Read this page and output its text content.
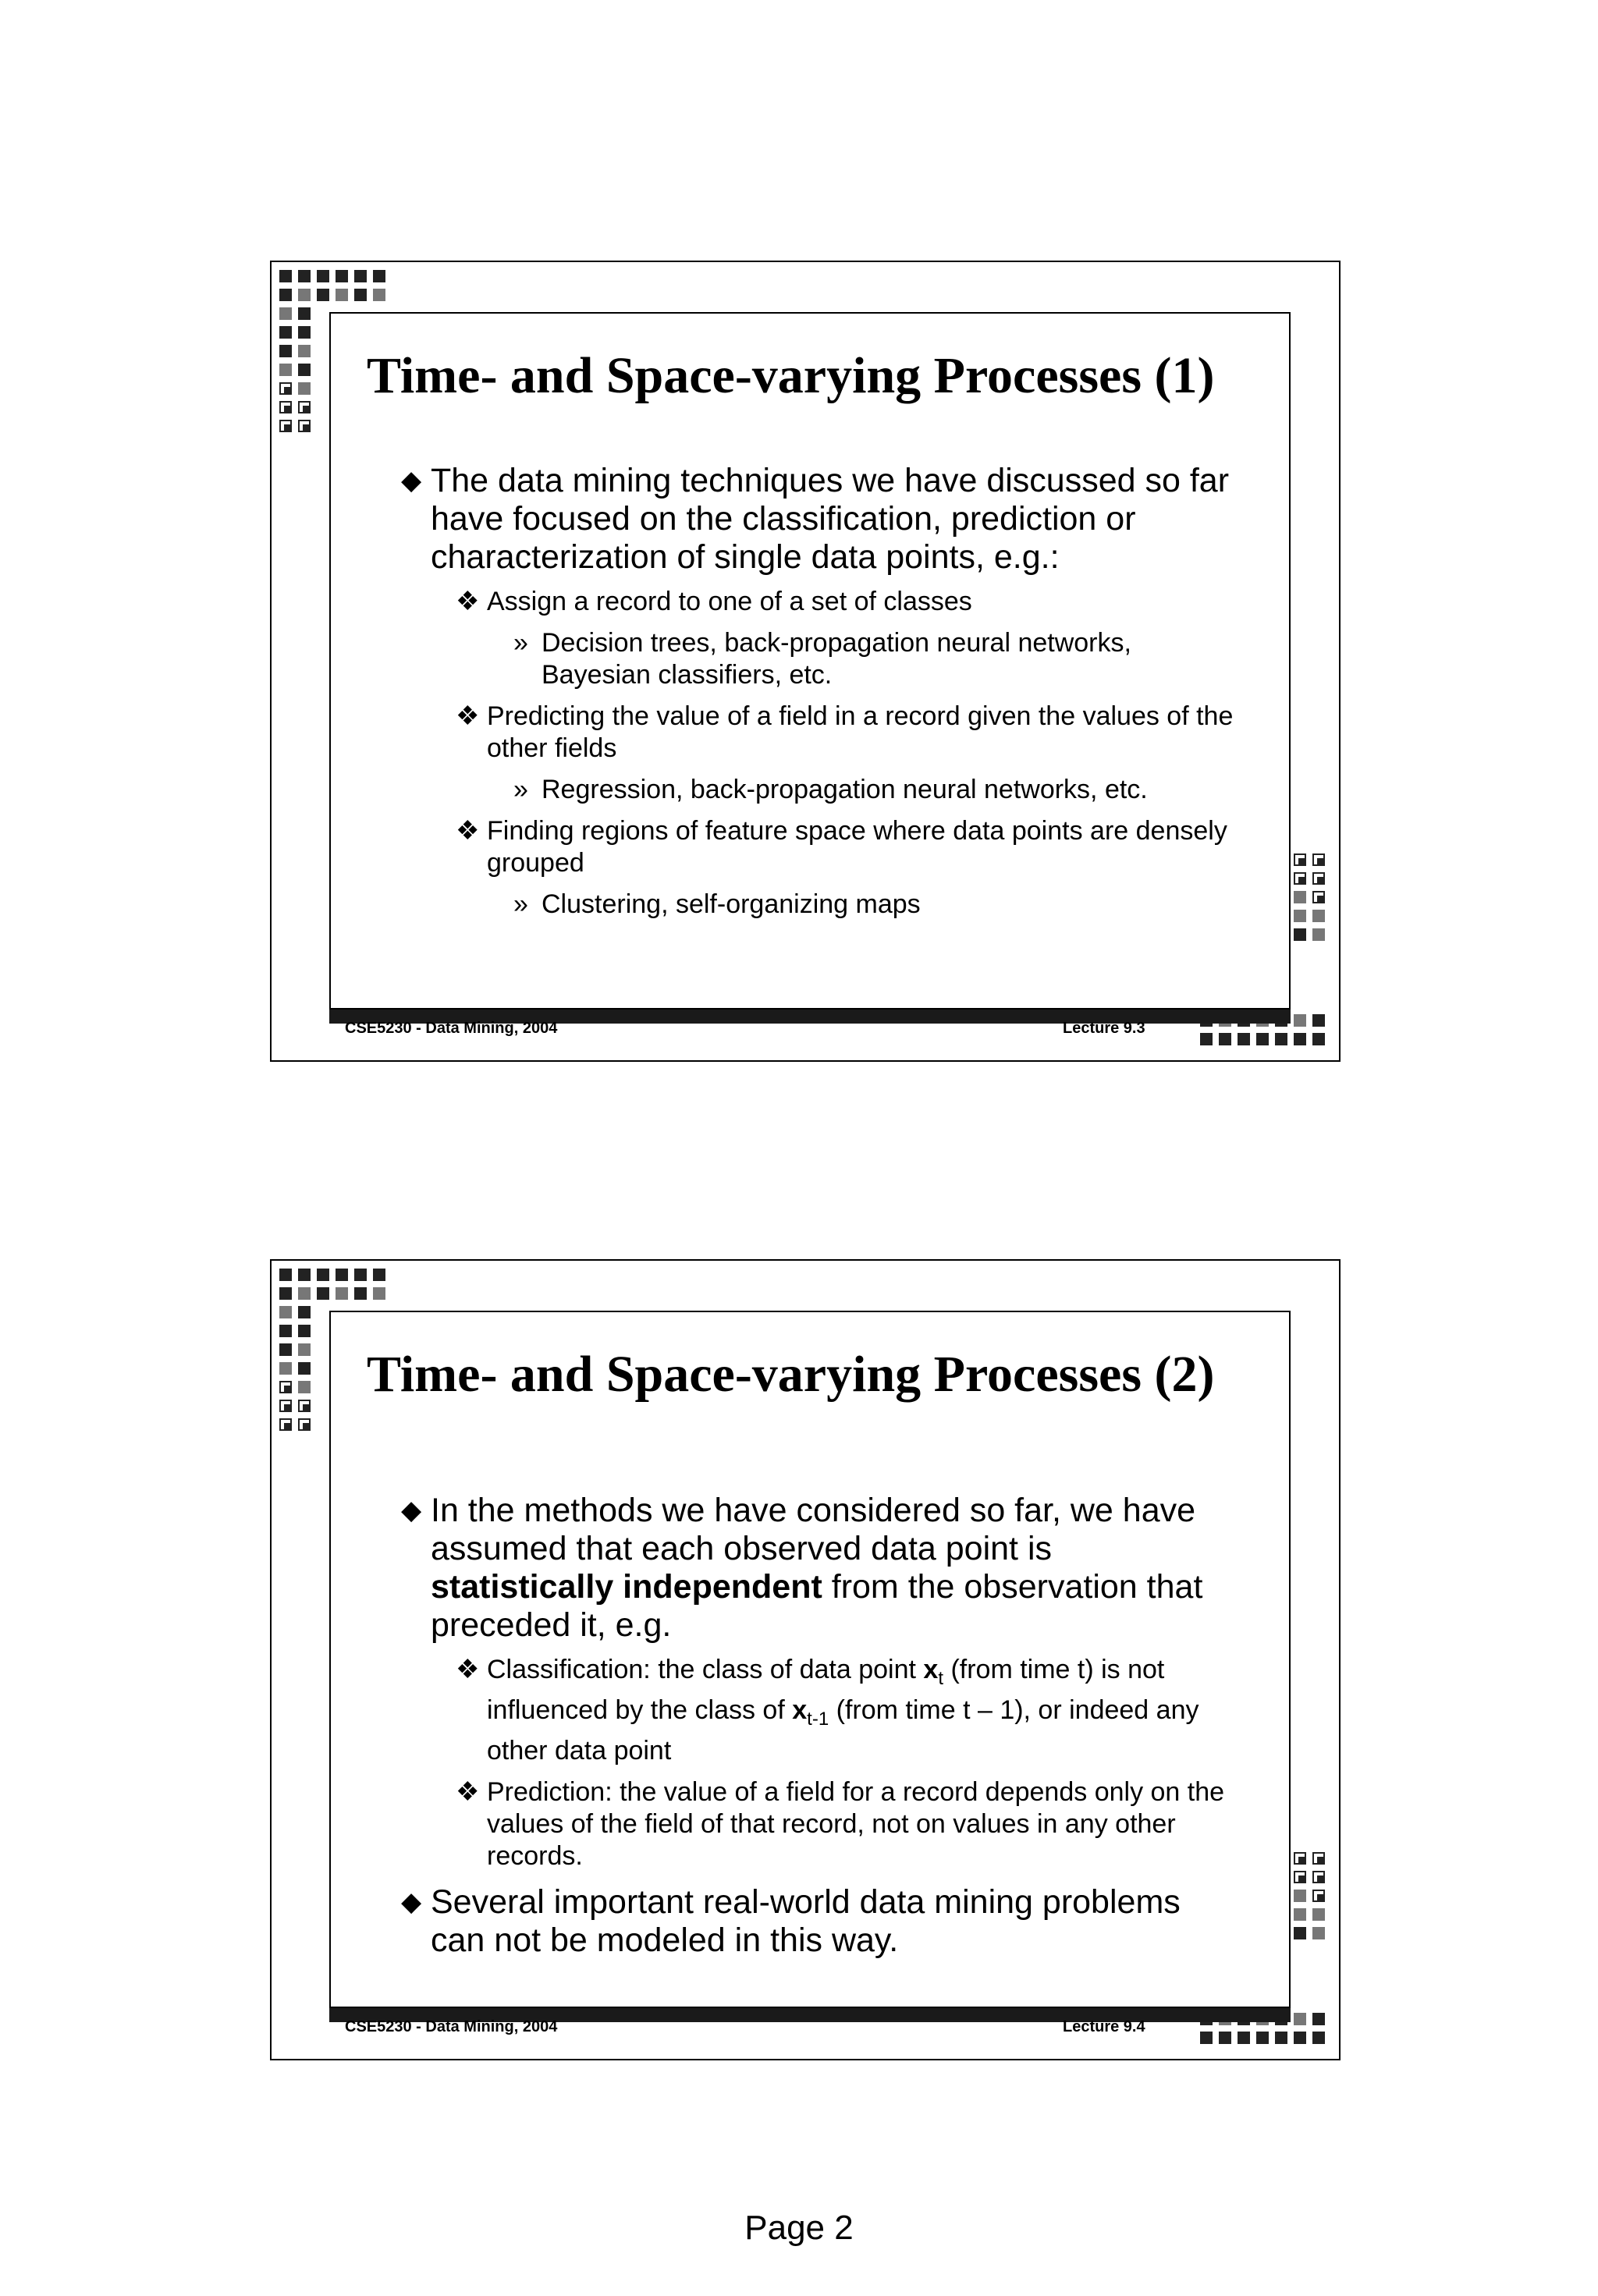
Time- and Space-varying Processes (1)
◆ The data mining techniques we have discussed so far have focused on the classification, prediction or characterization of single data points, e.g.:
❖ Assign a record to one of a set of classes
» Decision trees, back-propagation neural networks, Bayesian classifiers, etc.
❖ Predicting the value of a field in a record given the values of the other fields
» Regression, back-propagation neural networks, etc.
❖ Finding regions of feature space where data points are densely grouped
» Clustering, self-organizing maps
CSE5230 - Data Mining, 2004	Lecture 9.3
Time- and Space-varying Processes (2)
◆ In the methods we have considered so far, we have assumed that each observed data point is statistically independent from the observation that preceded it, e.g.
❖ Classification: the class of data point $x_t$ (from time t) is not influenced by the class of $x_{t-1}$ (from time t – 1), or indeed any other data point
❖ Prediction: the value of a field for a record depends only on the values of the field of that record, not on values in any other records.
◆ Several important real-world data mining problems can not be modeled in this way.
CSE5230 - Data Mining, 2004	Lecture 9.4
Page 2
